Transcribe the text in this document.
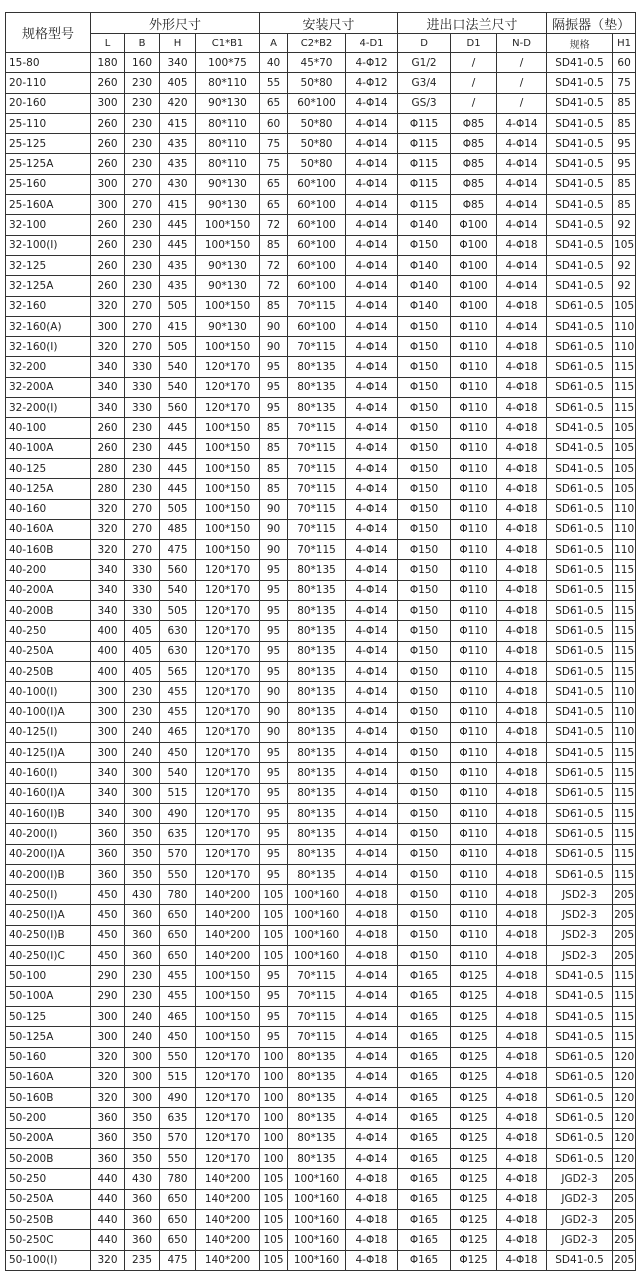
规格型号	外形尺寸				安装尺寸			进出口法兰尺寸			隔振器（垫）	
	L	B	H	C1*B1	A	C2*B2	4-D1	D	D1	N-D	规格	H1
15-80	180	160	340	100*75	40	45*70	4-Φ12	G1/2	/	/	SD41-0.5	60
20-110	260	230	405	80*110	55	50*80	4-Φ12	G3/4	/	/	SD41-0.5	75
20-160	300	230	420	90*130	65	60*100	4-Φ14	GS/3	/	/	SD41-0.5	85
25-110	260	230	415	80*110	60	50*80	4-Φ14	Φ115	Φ85	4-Φ14	SD41-0.5	85
25-125	260	230	435	80*110	75	50*80	4-Φ14	Φ115	Φ85	4-Φ14	SD41-0.5	95
25-125A	260	230	435	80*110	75	50*80	4-Φ14	Φ115	Φ85	4-Φ14	SD41-0.5	95
25-160	300	270	430	90*130	65	60*100	4-Φ14	Φ115	Φ85	4-Φ14	SD41-0.5	85
25-160A	300	270	415	90*130	65	60*100	4-Φ14	Φ115	Φ85	4-Φ14	SD41-0.5	85
32-100	260	230	445	100*150	72	60*100	4-Φ14	Φ140	Φ100	4-Φ14	SD41-0.5	92
32-100(I)	260	230	445	100*150	85	60*100	4-Φ14	Φ150	Φ100	4-Φ18	SD41-0.5	105
32-125	260	230	435	90*130	72	60*100	4-Φ14	Φ140	Φ100	4-Φ14	SD41-0.5	92
32-125A	260	230	435	90*130	72	60*100	4-Φ14	Φ140	Φ100	4-Φ14	SD41-0.5	92
32-160	320	270	505	100*150	85	70*115	4-Φ14	Φ140	Φ100	4-Φ18	SD61-0.5	105
32-160(A)	300	270	415	90*130	90	60*100	4-Φ14	Φ150	Φ110	4-Φ14	SD41-0.5	110
32-160(I)	320	270	505	100*150	90	70*115	4-Φ14	Φ150	Φ110	4-Φ18	SD61-0.5	110
32-200	340	330	540	120*170	95	80*135	4-Φ14	Φ150	Φ110	4-Φ18	SD61-0.5	115
32-200A	340	330	540	120*170	95	80*135	4-Φ14	Φ150	Φ110	4-Φ18	SD61-0.5	115
32-200(I)	340	330	560	120*170	95	80*135	4-Φ14	Φ150	Φ110	4-Φ18	SD61-0.5	115
40-100	260	230	445	100*150	85	70*115	4-Φ14	Φ150	Φ110	4-Φ18	SD41-0.5	105
40-100A	260	230	445	100*150	85	70*115	4-Φ14	Φ150	Φ110	4-Φ18	SD41-0.5	105
40-125	280	230	445	100*150	85	70*115	4-Φ14	Φ150	Φ110	4-Φ18	SD41-0.5	105
40-125A	280	230	445	100*150	85	70*115	4-Φ14	Φ150	Φ110	4-Φ18	SD61-0.5	105
40-160	320	270	505	100*150	90	70*115	4-Φ14	Φ150	Φ110	4-Φ18	SD61-0.5	110
40-160A	320	270	485	100*150	90	70*115	4-Φ14	Φ150	Φ110	4-Φ18	SD61-0.5	110
40-160B	320	270	475	100*150	90	70*115	4-Φ14	Φ150	Φ110	4-Φ18	SD61-0.5	110
40-200	340	330	560	120*170	95	80*135	4-Φ14	Φ150	Φ110	4-Φ18	SD61-0.5	115
40-200A	340	330	540	120*170	95	80*135	4-Φ14	Φ150	Φ110	4-Φ18	SD61-0.5	115
40-200B	340	330	505	120*170	95	80*135	4-Φ14	Φ150	Φ110	4-Φ18	SD61-0.5	115
40-250	400	405	630	120*170	95	80*135	4-Φ14	Φ150	Φ110	4-Φ18	SD61-0.5	115
40-250A	400	405	630	120*170	95	80*135	4-Φ14	Φ150	Φ110	4-Φ18	SD61-0.5	115
40-250B	400	405	565	120*170	95	80*135	4-Φ14	Φ150	Φ110	4-Φ18	SD61-0.5	115
40-100(I)	300	230	455	120*170	90	80*135	4-Φ14	Φ150	Φ110	4-Φ18	SD41-0.5	110
40-100(I)A	300	230	455	120*170	90	80*135	4-Φ14	Φ150	Φ110	4-Φ18	SD41-0.5	110
40-125(I)	300	240	465	120*170	90	80*135	4-Φ14	Φ150	Φ110	4-Φ18	SD41-0.5	110
40-125(I)A	300	240	450	120*170	95	80*135	4-Φ14	Φ150	Φ110	4-Φ18	SD41-0.5	115
40-160(I)	340	300	540	120*170	95	80*135	4-Φ14	Φ150	Φ110	4-Φ18	SD61-0.5	115
40-160(I)A	340	300	515	120*170	95	80*135	4-Φ14	Φ150	Φ110	4-Φ18	SD61-0.5	115
40-160(I)B	340	300	490	120*170	95	80*135	4-Φ14	Φ150	Φ110	4-Φ18	SD61-0.5	115
40-200(I)	360	350	635	120*170	95	80*135	4-Φ14	Φ150	Φ110	4-Φ18	SD61-0.5	115
40-200(I)A	360	350	570	120*170	95	80*135	4-Φ14	Φ150	Φ110	4-Φ18	SD61-0.5	115
40-200(I)B	360	350	550	120*170	95	80*135	4-Φ14	Φ150	Φ110	4-Φ18	SD61-0.5	115
40-250(I)	450	430	780	140*200	105	100*160	4-Φ18	Φ150	Φ110	4-Φ18	JSD2-3	205
40-250(I)A	450	360	650	140*200	105	100*160	4-Φ18	Φ150	Φ110	4-Φ18	JSD2-3	205
40-250(I)B	450	360	650	140*200	105	100*160	4-Φ18	Φ150	Φ110	4-Φ18	JSD2-3	205
40-250(I)C	450	360	650	140*200	105	100*160	4-Φ18	Φ150	Φ110	4-Φ18	JSD2-3	205
50-100	290	230	455	100*150	95	70*115	4-Φ14	Φ165	Φ125	4-Φ18	SD41-0.5	115
50-100A	290	230	455	100*150	95	70*115	4-Φ14	Φ165	Φ125	4-Φ18	SD41-0.5	115
50-125	300	240	465	100*150	95	70*115	4-Φ14	Φ165	Φ125	4-Φ18	SD41-0.5	115
50-125A	300	240	450	100*150	95	70*115	4-Φ14	Φ165	Φ125	4-Φ18	SD41-0.5	115
50-160	320	300	550	120*170	100	80*135	4-Φ14	Φ165	Φ125	4-Φ18	SD61-0.5	120
50-160A	320	300	515	120*170	100	80*135	4-Φ14	Φ165	Φ125	4-Φ18	SD61-0.5	120
50-160B	320	300	490	120*170	100	80*135	4-Φ14	Φ165	Φ125	4-Φ18	SD61-0.5	120
50-200	360	350	635	120*170	100	80*135	4-Φ14	Φ165	Φ125	4-Φ18	SD61-0.5	120
50-200A	360	350	570	120*170	100	80*135	4-Φ14	Φ165	Φ125	4-Φ18	SD61-0.5	120
50-200B	360	350	550	120*170	100	80*135	4-Φ14	Φ165	Φ125	4-Φ18	SD61-0.5	120
50-250	440	430	780	140*200	105	100*160	4-Φ18	Φ165	Φ125	4-Φ18	JGD2-3	205
50-250A	440	360	650	140*200	105	100*160	4-Φ18	Φ165	Φ125	4-Φ18	JGD2-3	205
50-250B	440	360	650	140*200	105	100*160	4-Φ18	Φ165	Φ125	4-Φ18	JGD2-3	205
50-250C	440	360	650	140*200	105	100*160	4-Φ18	Φ165	Φ125	4-Φ18	JGD2-3	205
50-100(I)	320	235	475	140*200	105	100*160	4-Φ18	Φ165	Φ125	4-Φ18	SD41-0.5	205
